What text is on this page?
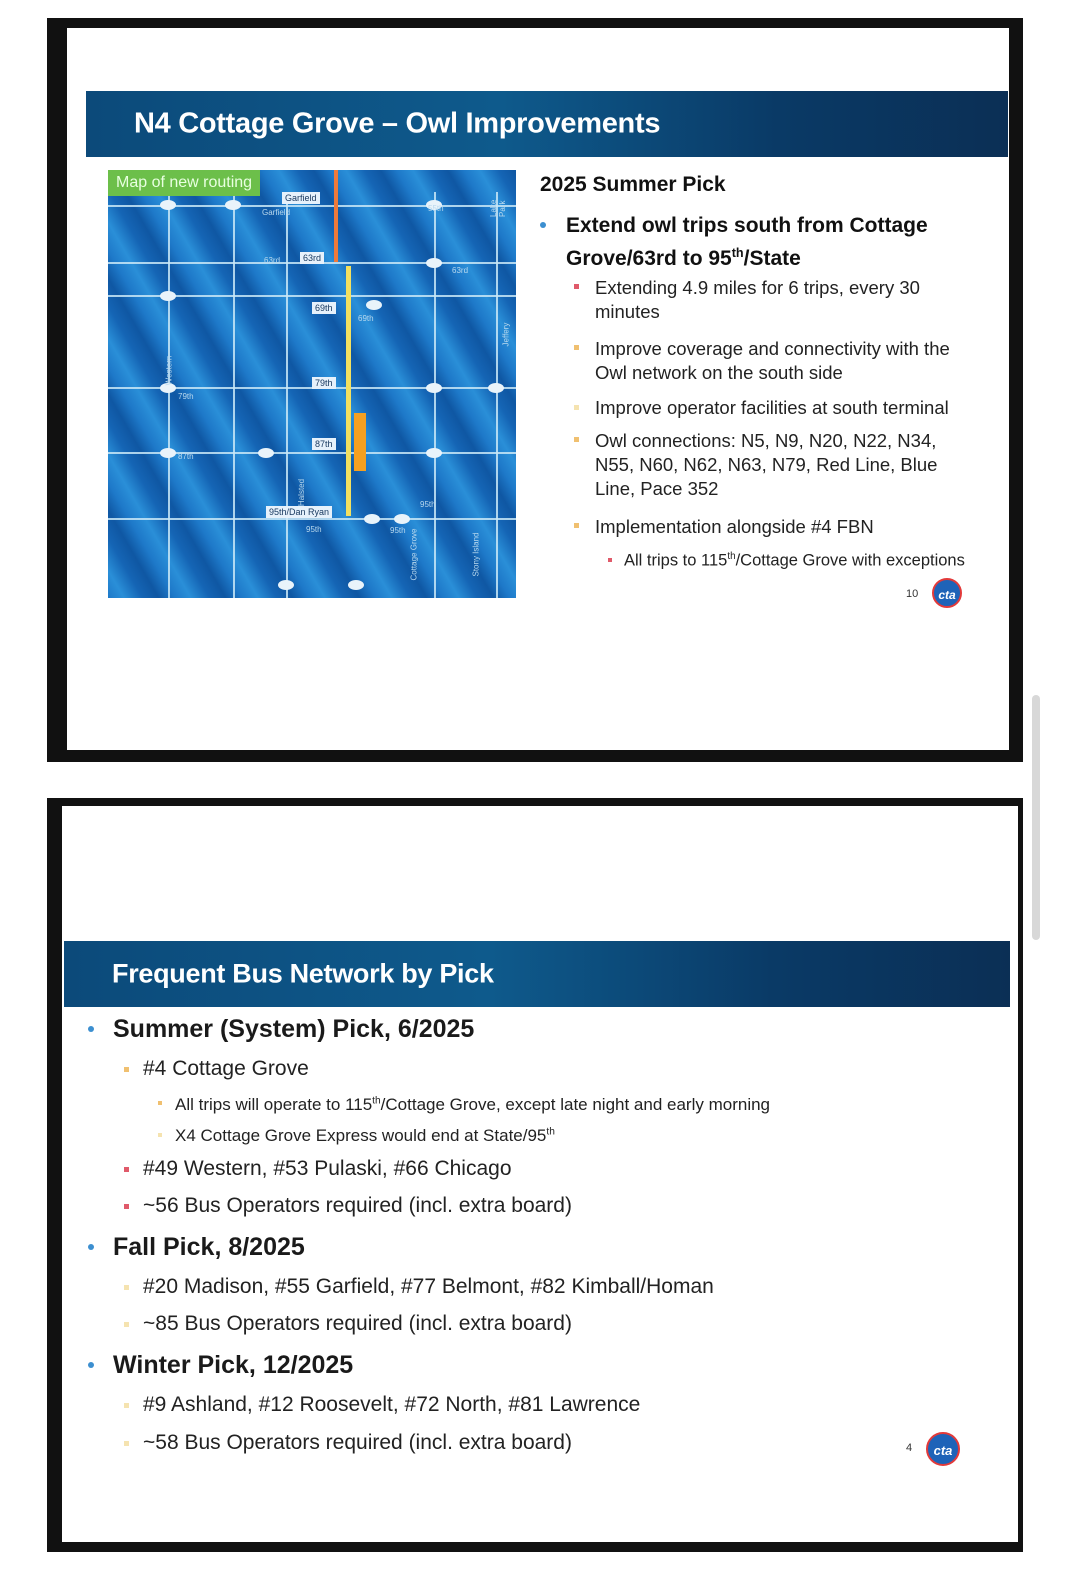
N4 Cottage Grove – Owl Improvements
Garfield
63rd
69th
79th
87th
95th/Dan Ryan
Garfield	55th
63rd
63rd
69th
79th
87th
95th	95th
95th
Halsted
Western
Cottage Grove	Stony Island
Lake Park
Jeffery
Map of new routing	2025 Summer Pick
Extend owl trips south from Cottage
Grove/63rd to 95th/State
Extending 4.9 miles for 6 trips, every 30
minutes
Improve coverage and connectivity with the
Owl network on the south side
Improve operator facilities at south terminal
Owl connections: N5, N9, N20, N22, N34,
N55, N60, N62, N63, N79, Red Line, Blue
Line, Pace 352
Implementation alongside #4 FBN
All trips to 115th/Cottage Grove with exceptions
10	cta
Frequent Bus Network by Pick
Summer (System) Pick, 6/2025
#4 Cottage Grove
All trips will operate to 115th/Cottage Grove, except late night and early morning
X4 Cottage Grove Express would end at State/95th
#49 Western, #53 Pulaski, #66 Chicago
~56 Bus Operators required (incl. extra board)
Fall Pick, 8/2025
#20 Madison, #55 Garfield, #77 Belmont, #82 Kimball/Homan
~85 Bus Operators required (incl. extra board)
Winter Pick, 12/2025
#9 Ashland, #12 Roosevelt, #72 North, #81 Lawrence
~58 Bus Operators required (incl. extra board)	4	cta
